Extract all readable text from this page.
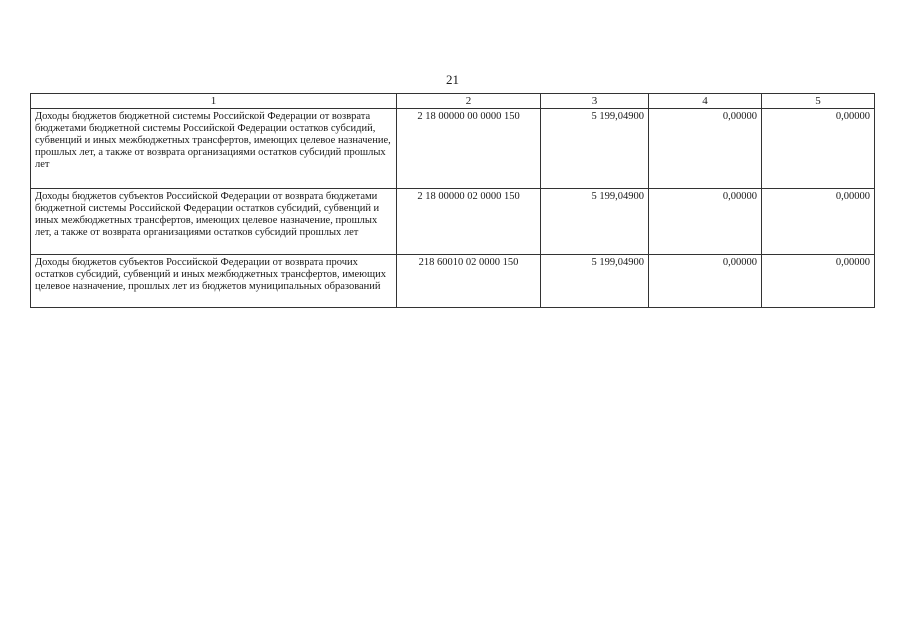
21
1	2	3	4	5
Доходы бюджетов бюджетной системы Российской Федерации от возврата бюджетами бюджетной системы Российской Федерации остатков субсидий, субвенций и иных межбюджетных трансфертов, имеющих целевое назначение, прошлых лет, а также от возврата организациями остатков субсидий прошлых лет	2 18 00000 00 0000 150	5 199,04900	0,00000	0,00000
Доходы бюджетов субъектов Российской Федерации от возврата бюджетами бюджетной системы Российской Федерации остатков субсидий, субвенций и иных межбюджетных трансфертов, имеющих целевое назначение, прошлых лет, а также от возврата организациями остатков субсидий прошлых лет	2 18 00000 02 0000 150	5 199,04900	0,00000	0,00000
Доходы бюджетов субъектов Российской Федерации от возврата прочих остатков субсидий, субвенций и иных межбюджетных трансфертов, имеющих целевое назначение, прошлых лет из бюджетов муниципальных образований	218 60010 02 0000 150	5 199,04900	0,00000	0,00000
